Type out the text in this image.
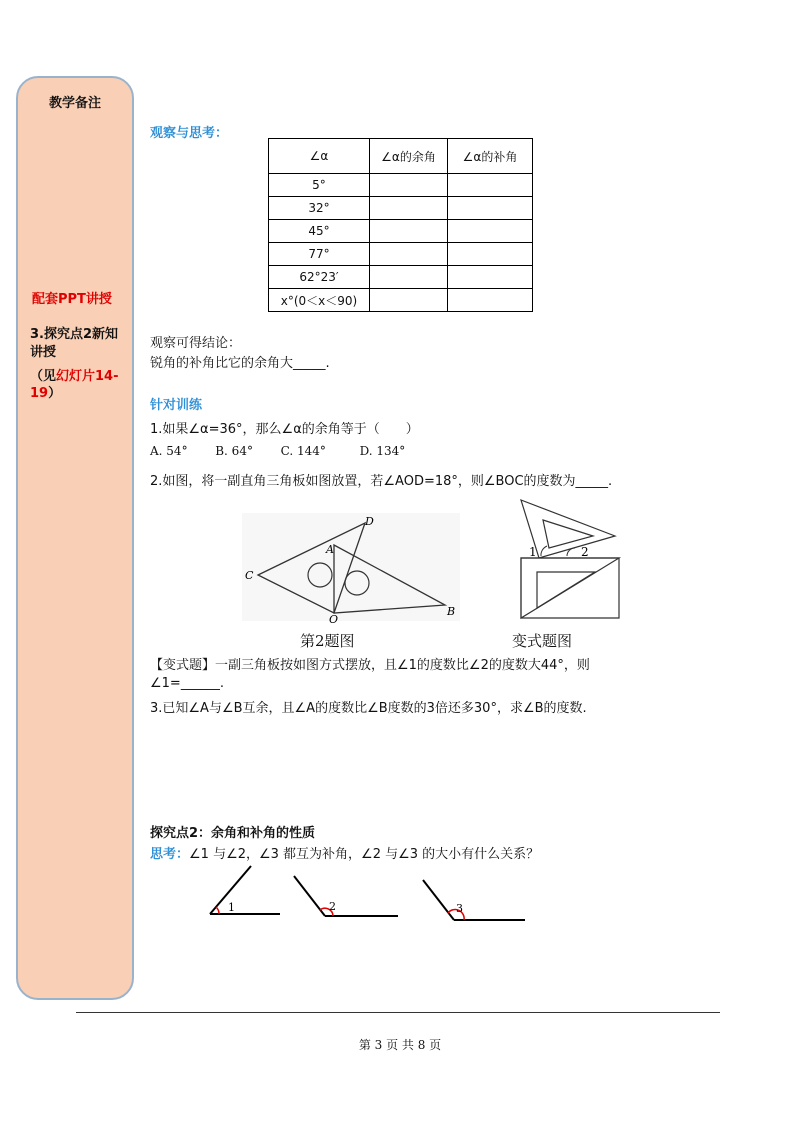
教学备注
配套PPT讲授
3.探究点2新知讲授
（见幻灯片14-19）
观察与思考：
∠α	∠α的余角	∠α的补角
5°		
32°		
45°		
77°		
62°23′		
x°(0＜x＜90)		
观察可得结论：
锐角的补角比它的余角大_____.
针对训练
1.如果∠α=36°，那么∠α的余角等于（　　）
A. 54° B. 64° C. 144°	D. 134°
2.如图，将一副直角三角板如图放置，若∠AOD=18°，则∠BOC的度数为_____.
D
A
C
O
B
1	2
第2题图	变式题图
【变式题】一副三角板按如图方式摆放，且∠1的度数比∠2的度数大44°，则
∠1=______.
3.已知∠A与∠B互余，且∠A的度数比∠B度数的3倍还多30°，求∠B的度数.
探究点2：余角和补角的性质
思考：∠1 与∠2，∠3 都互为补角，∠2 与∠3 的大小有什么关系？
1	2	3
第 3 页 共 8 页
